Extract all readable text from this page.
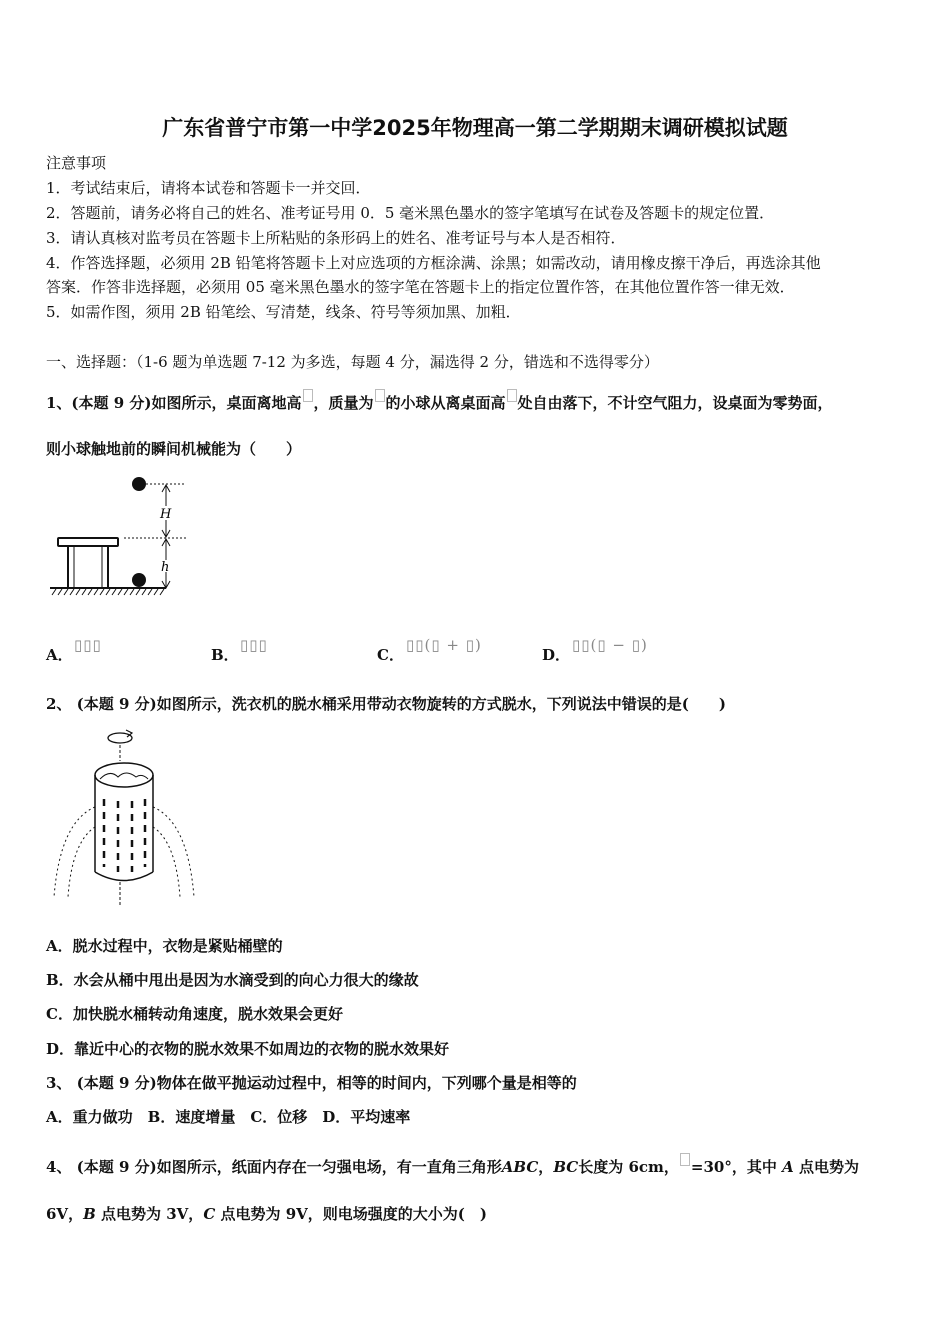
广东省普宁市第一中学2025年物理高一第二学期期末调研模拟试题
注意事项
1．考试结束后，请将本试卷和答题卡一并交回．
2．答题前，请务必将自己的姓名、准考证号用 0．5 毫米黑色墨水的签字笔填写在试卷及答题卡的规定位置．
3．请认真核对监考员在答题卡上所粘贴的条形码上的姓名、准考证号与本人是否相符．
4．作答选择题，必须用 2B 铅笔将答题卡上对应选项的方框涂满、涂黑；如需改动，请用橡皮擦干净后，再选涂其他
答案．作答非选择题，必须用 05 毫米黑色墨水的签字笔在答题卡上的指定位置作答，在其他位置作答一律无效．
5．如需作图，须用 2B 铅笔绘、写清楚，线条、符号等须加黑、加粗．
一、选择题：（1-6 题为单选题 7-12 为多选，每题 4 分，漏选得 2 分，错选和不选得零分）
1、(本题 9 分)如图所示，桌面离地高 ，质量为 的小球从离桌面高 处自由落下，不计空气阻力，设桌面为零势面，
则小球触地前的瞬间机械能为（　　）
H
h
A．
▯▯▯
B．
▯▯▯
C．
▯▯(▯ + ▯)
D．
▯▯(▯ − ▯)
2、 (本题 9 分)如图所示，洗衣机的脱水桶采用带动衣物旋转的方式脱水，下列说法中错误的是(　　)
A．脱水过程中，衣物是紧贴桶壁的
B．水会从桶中甩出是因为水滴受到的向心力很大的缘故
C．加快脱水桶转动角速度，脱水效果会更好
D．靠近中心的衣物的脱水效果不如周边的衣物的脱水效果好
3、 (本题 9 分)物体在做平抛运动过程中，相等的时间内，下列哪个量是相等的
A．重力做功　B．速度增量　C．位移　D．平均速率
4、 (本题 9 分)如图所示，纸面内存在一匀强电场，有一直角三角形ABC，BC长度为 6cm， =30°，其中 A 点电势为
6V，B 点电势为 3V，C 点电势为 9V，则电场强度的大小为(　)
